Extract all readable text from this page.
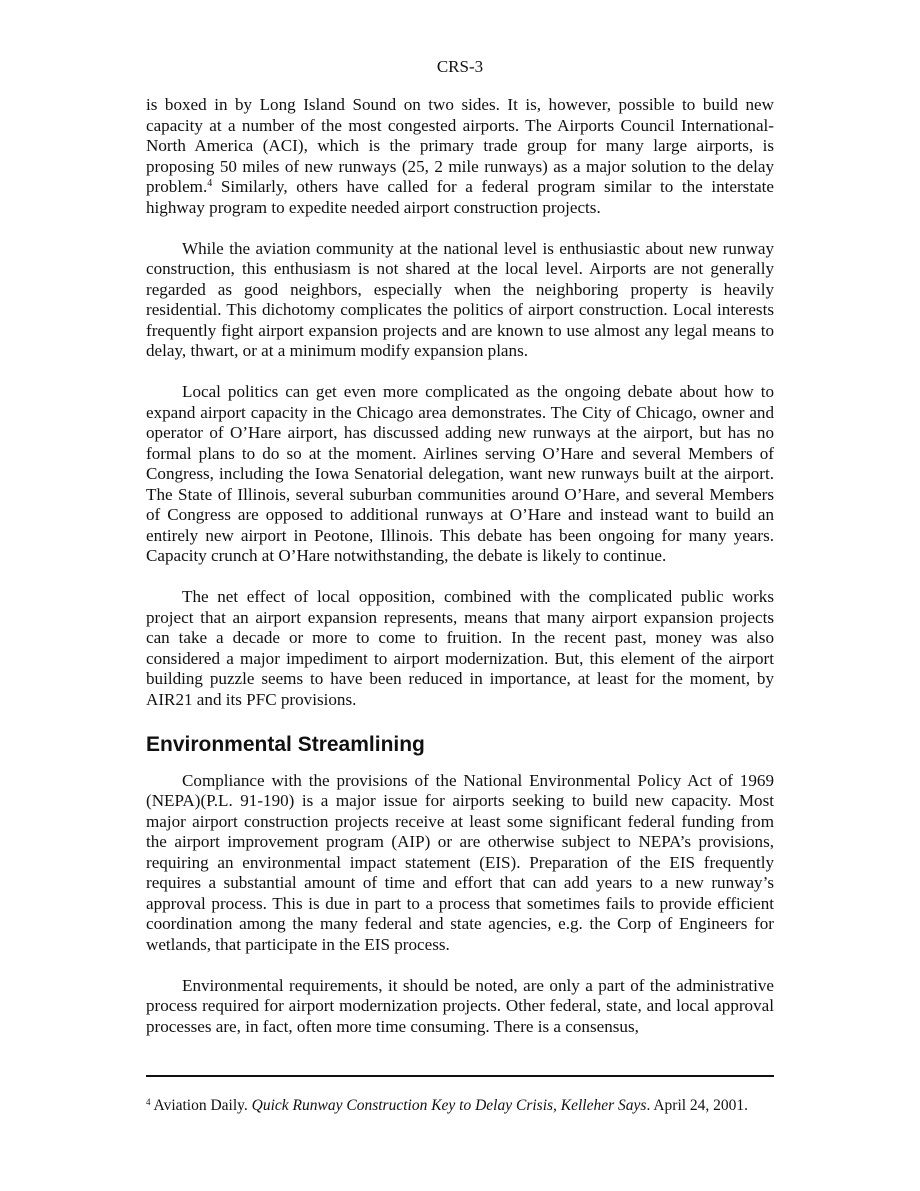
CRS-3

is boxed in by Long Island Sound on two sides. It is, however, possible to build new capacity at a number of the most congested airports. The Airports Council International-North America (ACI), which is the primary trade group for many large airports, is proposing 50 miles of new runways (25, 2 mile runways) as a major solution to the delay problem.$^4$ Similarly, others have called for a federal program similar to the interstate highway program to expedite needed airport construction projects.

While the aviation community at the national level is enthusiastic about new runway construction, this enthusiasm is not shared at the local level. Airports are not generally regarded as good neighbors, especially when the neighboring property is heavily residential. This dichotomy complicates the politics of airport construction. Local interests frequently fight airport expansion projects and are known to use almost any legal means to delay, thwart, or at a minimum modify expansion plans.

Local politics can get even more complicated as the ongoing debate about how to expand airport capacity in the Chicago area demonstrates. The City of Chicago, owner and operator of O’Hare airport, has discussed adding new runways at the airport, but has no formal plans to do so at the moment. Airlines serving O’Hare and several Members of Congress, including the Iowa Senatorial delegation, want new runways built at the airport. The State of Illinois, several suburban communities around O’Hare, and several Members of Congress are opposed to additional runways at O’Hare and instead want to build an entirely new airport in Peotone, Illinois. This debate has been ongoing for many years. Capacity crunch at O’Hare notwithstanding, the debate is likely to continue.

The net effect of local opposition, combined with the complicated public works project that an airport expansion represents, means that many airport expansion projects can take a decade or more to come to fruition. In the recent past, money was also considered a major impediment to airport modernization. But, this element of the airport building puzzle seems to have been reduced in importance, at least for the moment, by AIR21 and its PFC provisions.

Environmental Streamlining

Compliance with the provisions of the National Environmental Policy Act of 1969 (NEPA)(P.L. 91-190) is a major issue for airports seeking to build new capacity. Most major airport construction projects receive at least some significant federal funding from the airport improvement program (AIP) or are otherwise subject to NEPA’s provisions, requiring an environmental impact statement (EIS). Preparation of the EIS frequently requires a substantial amount of time and effort that can add years to a new runway’s approval process. This is due in part to a process that sometimes fails to provide efficient coordination among the many federal and state agencies, e.g. the Corp of Engineers for wetlands, that participate in the EIS process.

Environmental requirements, it should be noted, are only a part of the administrative process required for airport modernization projects. Other federal, state, and local approval processes are, in fact, often more time consuming. There is a consensus,

$^4$ Aviation Daily. Quick Runway Construction Key to Delay Crisis, Kelleher Says. April 24, 2001.
